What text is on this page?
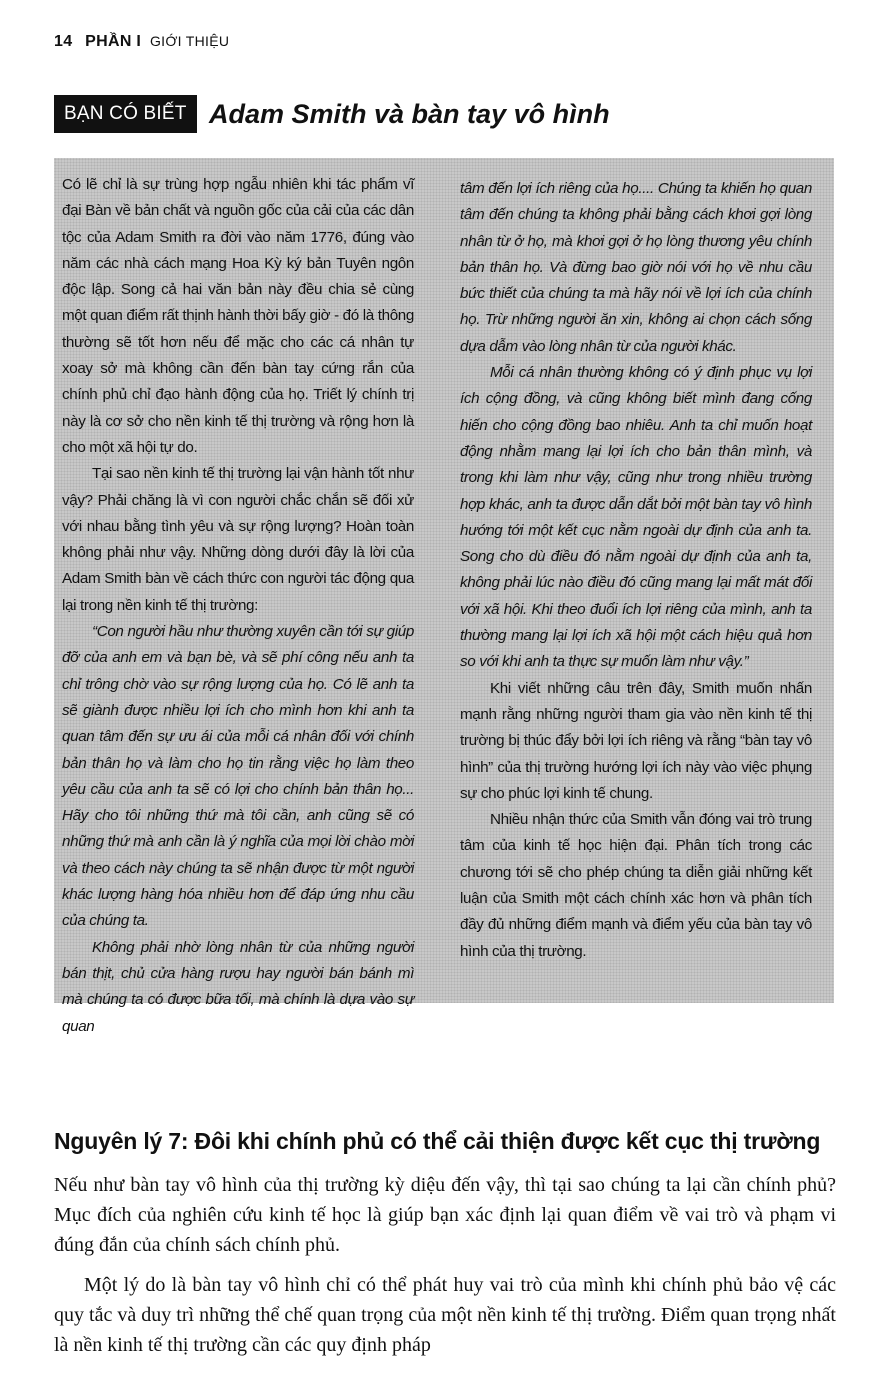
14 PHẦN I GIỚI THIỆU
BẠN CÓ BIẾT Adam Smith và bàn tay vô hình

Có lẽ chỉ là sự trùng hợp ngẫu nhiên khi tác phẩm vĩ đại Bàn về bản chất và nguồn gốc của cải của các dân tộc của Adam Smith ra đời vào năm 1776, đúng vào năm các nhà cách mạng Hoa Kỳ ký bản Tuyên ngôn độc lập. Song cả hai văn bản này đều chia sẻ cùng một quan điểm rất thịnh hành thời bấy giờ - đó là thông thường sẽ tốt hơn nếu để mặc cho các cá nhân tự xoay sở mà không cần đến bàn tay cứng rắn của chính phủ chỉ đạo hành động của họ. Triết lý chính trị này là cơ sở cho nền kinh tế thị trường và rộng hơn là cho một xã hội tự do.

Tại sao nền kinh tế thị trường lại vận hành tốt như vậy? Phải chăng là vì con người chắc chắn sẽ đối xử với nhau bằng tình yêu và sự rộng lượng? Hoàn toàn không phải như vậy. Những dòng dưới đây là lời của Adam Smith bàn về cách thức con người tác động qua lại trong nền kinh tế thị trường:

“Con người hầu như thường xuyên cần tới sự giúp đỡ của anh em và bạn bè, và sẽ phí công nếu anh ta chỉ trông chờ vào sự rộng lượng của họ. Có lẽ anh ta sẽ giành được nhiều lợi ích cho mình hơn khi anh ta quan tâm đến sự ưu ái của mỗi cá nhân đối với chính bản thân họ và làm cho họ tin rằng việc họ làm theo yêu cầu của anh ta sẽ có lợi cho chính bản thân họ... Hãy cho tôi những thứ mà tôi cần, anh cũng sẽ có những thứ mà anh cần là ý nghĩa của mọi lời chào mời và theo cách này chúng ta sẽ nhận được từ một người khác lượng hàng hóa nhiều hơn để đáp ứng nhu cầu của chúng ta.

Không phải nhờ lòng nhân từ của những người bán thịt, chủ cửa hàng rượu hay người bán bánh mì mà chúng ta có được bữa tối, mà chính là dựa vào sự quan

tâm đến lợi ích riêng của họ.... Chúng ta khiến họ quan tâm đến chúng ta không phải bằng cách khơi gợi lòng nhân từ ở họ, mà khơi gợi ở họ lòng thương yêu chính bản thân họ. Và đừng bao giờ nói với họ về nhu cầu bức thiết của chúng ta mà hãy nói về lợi ích của chính họ. Trừ những người ăn xin, không ai chọn cách sống dựa dẫm vào lòng nhân từ của người khác.

Mỗi cá nhân thường không có ý định phục vụ lợi ích cộng đồng, và cũng không biết mình đang cống hiến cho cộng đồng bao nhiêu. Anh ta chỉ muốn hoạt động nhằm mang lại lợi ích cho bản thân mình, và trong khi làm như vậy, cũng như trong nhiều trường hợp khác, anh ta được dẫn dắt bởi một bàn tay vô hình hướng tới một kết cục nằm ngoài dự định của anh ta. Song cho dù điều đó nằm ngoài dự định của anh ta, không phải lúc nào điều đó cũng mang lại mất mát đối với xã hội. Khi theo đuổi ích lợi riêng của mình, anh ta thường mang lại lợi ích xã hội một cách hiệu quả hơn so với khi anh ta thực sự muốn làm như vậy.”

Khi viết những câu trên đây, Smith muốn nhấn mạnh rằng những người tham gia vào nền kinh tế thị trường bị thúc đẩy bởi lợi ích riêng và rằng “bàn tay vô hình” của thị trường hướng lợi ích này vào việc phụng sự cho phúc lợi kinh tế chung.

Nhiều nhận thức của Smith vẫn đóng vai trò trung tâm của kinh tế học hiện đại. Phân tích trong các chương tới sẽ cho phép chúng ta diễn giải những kết luận của Smith một cách chính xác hơn và phân tích đầy đủ những điểm mạnh và điểm yếu của bàn tay vô hình của thị trường.

Nguyên lý 7: Đôi khi chính phủ có thể cải thiện được kết cục thị trường

Nếu như bàn tay vô hình của thị trường kỳ diệu đến vậy, thì tại sao chúng ta lại cần chính phủ? Mục đích của nghiên cứu kinh tế học là giúp bạn xác định lại quan điểm về vai trò và phạm vi đúng đắn của chính sách chính phủ.

Một lý do là bàn tay vô hình chỉ có thể phát huy vai trò của mình khi chính phủ bảo vệ các quy tắc và duy trì những thể chế quan trọng của một nền kinh tế thị trường. Điểm quan trọng nhất là nền kinh tế thị trường cần các quy định pháp
